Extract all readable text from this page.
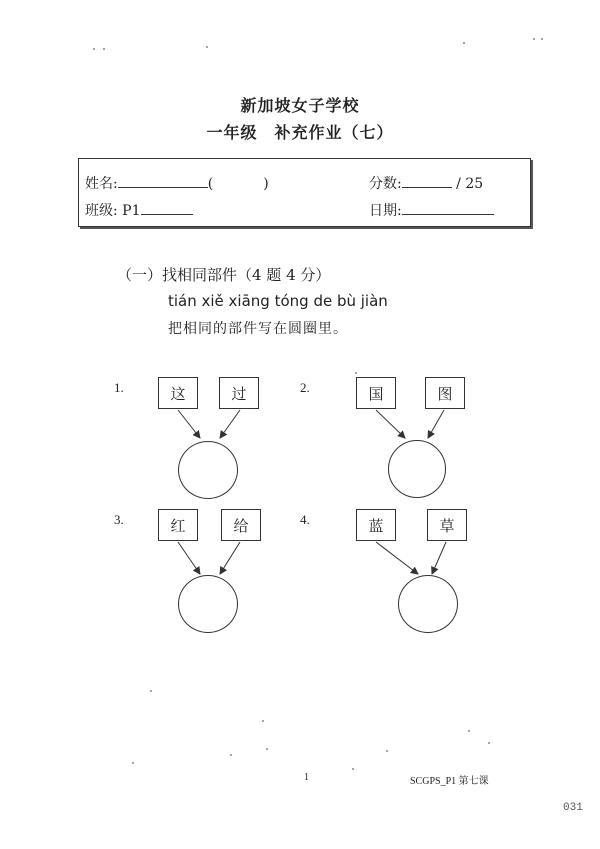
新加坡女子学校
一年级　补充作业（七）
姓名:	(	)	分数:	/ 25
班级: P1	日期:
（一）找相同部件（4 题 4 分）
tián xiě xiāng tóng de bù jiàn
把相同的部件写在圆圈里。
1.	这	过	2.	国	图
3.	红	给	4.	蓝	草
1	SCGPS_P1 第七课
031
